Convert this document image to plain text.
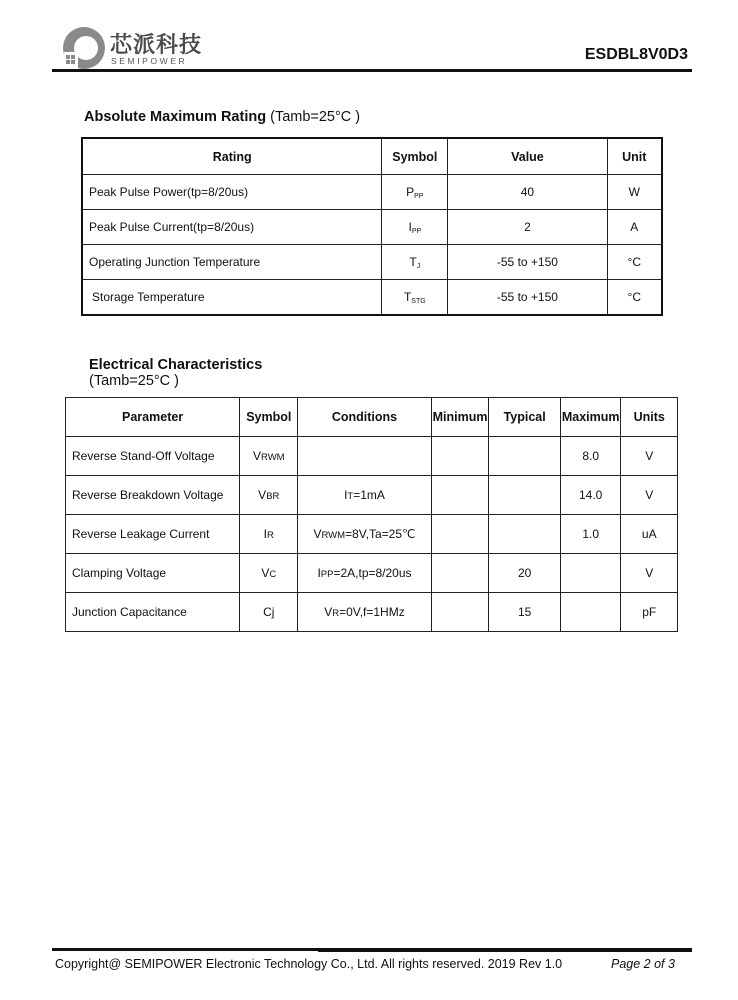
芯派科技
SEMIPOWER	ESDBL8V0D3
Absolute Maximum Rating (Tamb=25°C )
Rating	Symbol	Value	Unit
Peak Pulse Power(tp=8/20us)	$P_{PP}$	40	W
Peak Pulse Current(tp=8/20us)	$I_{PP}$	2	A
Operating Junction Temperature	$T_J$	-55 to +150	°C
Storage Temperature	$T_{STG}$	-55 to +150	°C
Electrical Characteristics
(Tamb=25°C )
Parameter	Symbol	Conditions	Minimum	Typical	Maximum	Units
Reverse Stand-Off Voltage	VRWM				8.0	V
Reverse Breakdown Voltage	VBR	IT=1mA			14.0	V
Reverse Leakage Current	IR	VRWM=8V,Ta=25℃			1.0	uA
Clamping Voltage	VC	IPP=2A,tp=8/20us		20		V
Junction Capacitance	Cj	VR=0V,f=1HMz		15		pF
Copyright@ SEMIPOWER Electronic Technology Co., Ltd. All rights reserved. 2019 Rev 1.0	Page 2 of 3
